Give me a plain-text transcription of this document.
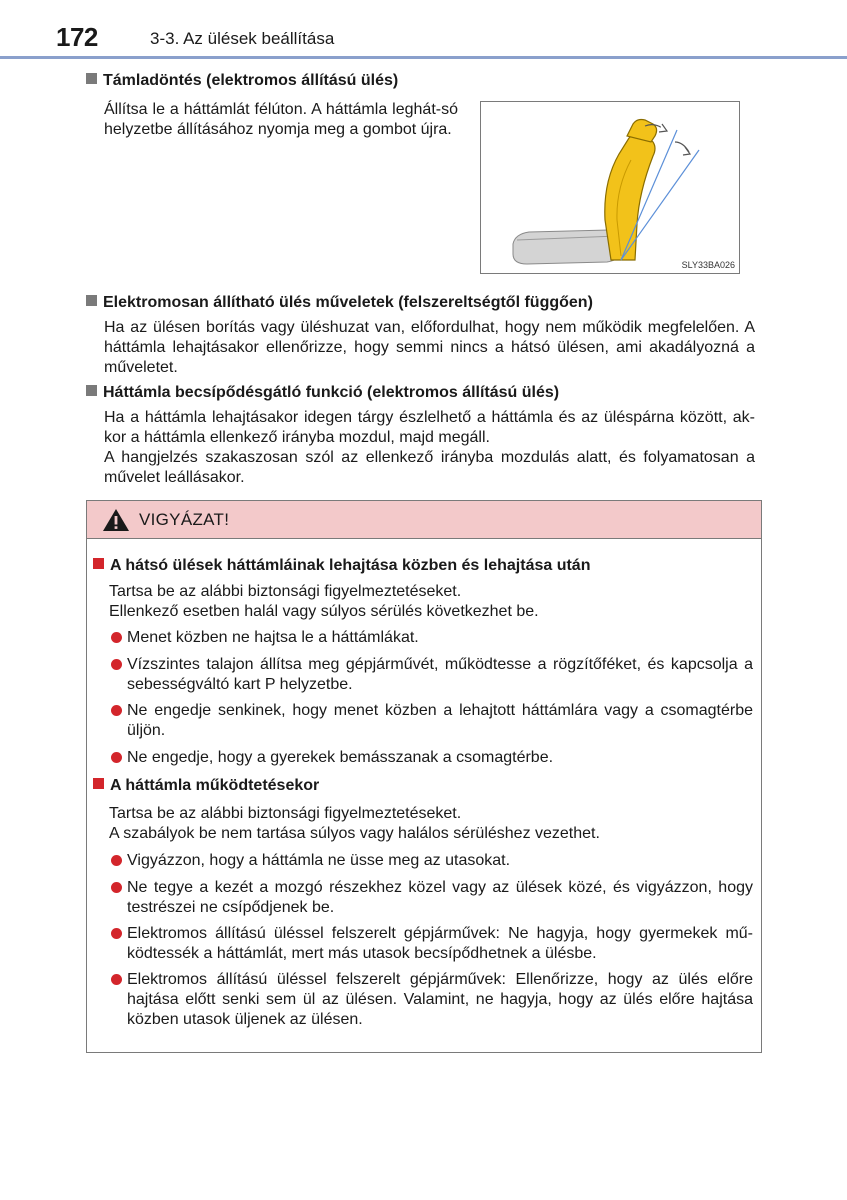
172	3-3. Az ülések beállítása
Támladöntés (elektromos állítású ülés)

Állítsa le a háttámlát félúton. A háttámla leghát-só helyzetbe állításához nyomja meg a gombot újra.

SLY33BA026
Elektromosan állítható ülés műveletek (felszereltségtől függően)

Ha az ülésen borítás vagy üléshuzat van, előfordulhat, hogy nem működik megfelelően. A háttámla lehajtásakor ellenőrizze, hogy semmi nincs a hátsó ülésen, ami akadályozná a műveletet.

Háttámla becsípődésgátló funkció (elektromos állítású ülés)

Ha a háttámla lehajtásakor idegen tárgy észlelhető a háttámla és az üléspárna között, ak-kor a háttámla ellenkező irányba mozdul, majd megáll.

A hangjelzés szakaszosan szól az ellenkező irányba mozdulás alatt, és folyamatosan a művelet leállásakor.

VIGYÁZAT!
A hátsó ülések háttámláinak lehajtása közben és lehajtása után

Tartsa be az alábbi biztonsági figyelmeztetéseket.

Ellenkező esetben halál vagy súlyos sérülés következhet be.

Menet közben ne hajtsa le a háttámlákat.
Vízszintes talajon állítsa meg gépjárművét, működtesse a rögzítőféket, és kapcsolja a sebességváltó kart P helyzetbe.
Ne engedje senkinek, hogy menet közben a lehajtott háttámlára vagy a csomagtérbe üljön.
Ne engedje, hogy a gyerekek bemásszanak a csomagtérbe.
A háttámla működtetésekor

Tartsa be az alábbi biztonsági figyelmeztetéseket.

A szabályok be nem tartása súlyos vagy halálos sérüléshez vezethet.

Vigyázzon, hogy a háttámla ne üsse meg az utasokat.
Ne tegye a kezét a mozgó részekhez közel vagy az ülések közé, és vigyázzon, hogy testrészei ne csípődjenek be.
Elektromos állítású üléssel felszerelt gépjárművek: Ne hagyja, hogy gyermekek mű-ködtessék a háttámlát, mert más utasok becsípődhetnek a ülésbe.
Elektromos állítású üléssel felszerelt gépjárművek: Ellenőrizze, hogy az ülés előre hajtása előtt senki sem ül az ülésen. Valamint, ne hagyja, hogy az ülés előre hajtása közben utasok üljenek az ülésen.
